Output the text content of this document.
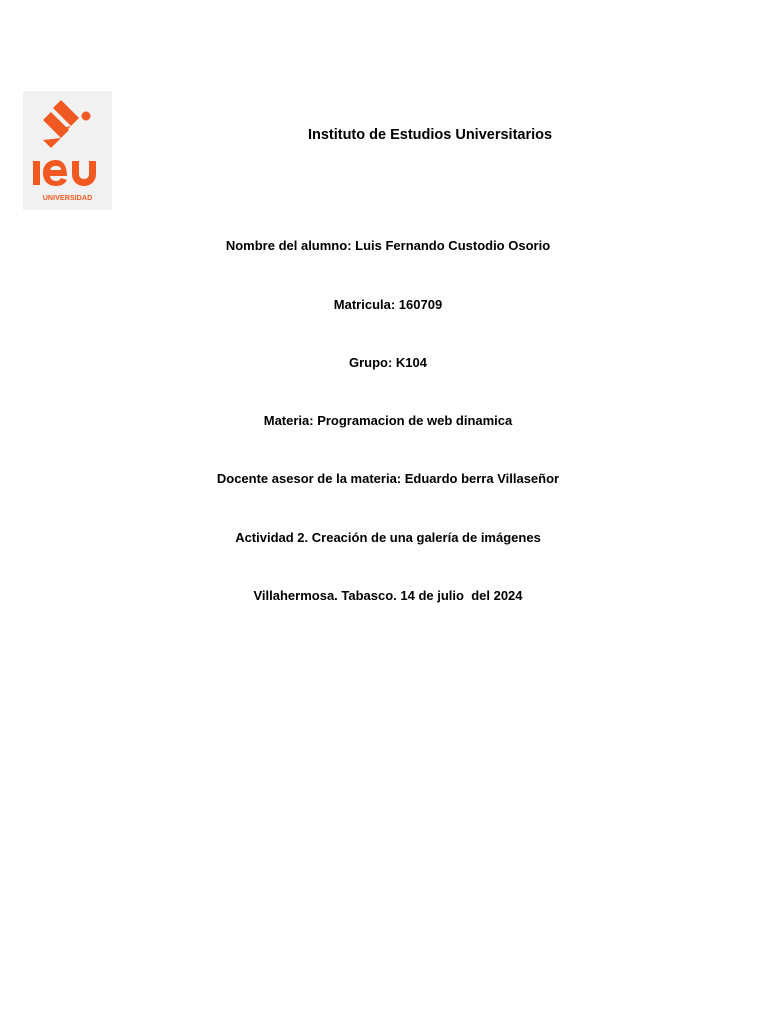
UNIVERSIDAD
Instituto de Estudios Universitarios
Nombre del alumno: Luis Fernando Custodio Osorio
Matricula: 160709
Grupo: K104
Materia: Programacion de web dinamica
Docente asesor de la materia: Eduardo berra Villaseñor
Actividad 2. Creación de una galería de imágenes
Villahermosa. Tabasco. 14 de julio  del 2024
